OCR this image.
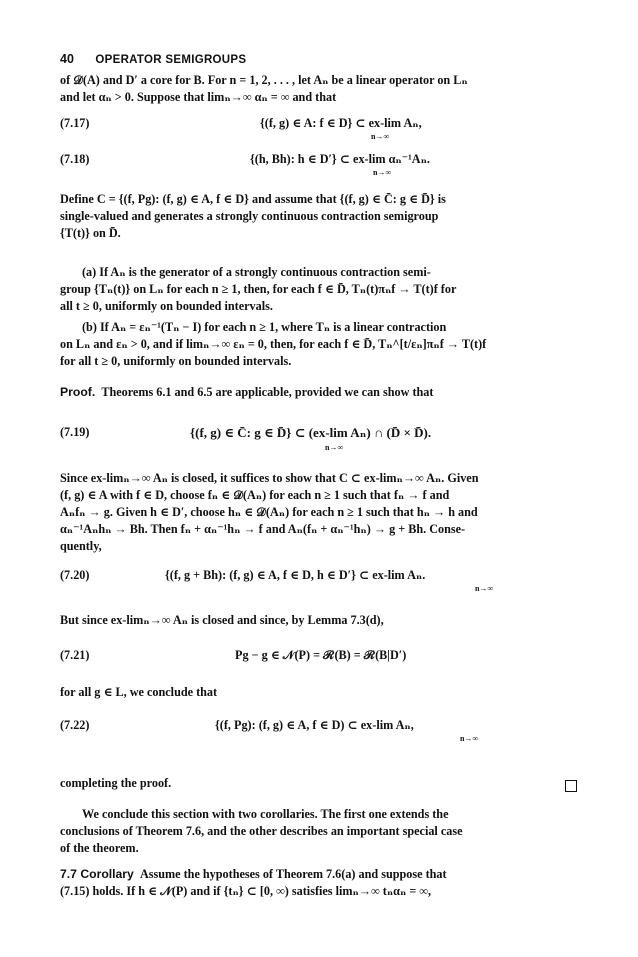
40 OPERATOR SEMIGROUPS

of 𝒟(A) and D′ a core for B. For n = 1, 2, . . . , let Aₙ be a linear operator on Lₙ

and let αₙ > 0. Suppose that limₙ→∞ αₙ = ∞ and that

(7.17)	{(f, g) ∈ A: f ∈ D} ⊂ ex-lim Aₙ,
n→∞
(7.18)	{(h, Bh): h ∈ D′} ⊂ ex-lim αₙ⁻¹Aₙ.
n→∞

Define C = {(f, Pg): (f, g) ∈ A, f ∈ D} and assume that {(f, g) ∈ C̄: g ∈ D̄} is

single-valued and generates a strongly continuous contraction semigroup

{T(t)} on D̄.

(a) If Aₙ is the generator of a strongly continuous contraction semi-

group {Tₙ(t)} on Lₙ for each n ≥ 1, then, for each f ∈ D̄, Tₙ(t)πₙf → T(t)f for

all t ≥ 0, uniformly on bounded intervals.

(b) If Aₙ = εₙ⁻¹(Tₙ − I) for each n ≥ 1, where Tₙ is a linear contraction

on Lₙ and εₙ > 0, and if limₙ→∞ εₙ = 0, then, for each f ∈ D̄, Tₙ^[t/εₙ]πₙf → T(t)f

for all t ≥ 0, uniformly on bounded intervals.

Proof. Theorems 6.1 and 6.5 are applicable, provided we can show that

(7.19)	{(f, g) ∈ C̄: g ∈ D̄} ⊂ (ex-lim Aₙ) ∩ (D̄ × D̄).
n→∞

Since ex-limₙ→∞ Aₙ is closed, it suffices to show that C ⊂ ex-limₙ→∞ Aₙ. Given

(f, g) ∈ A with f ∈ D, choose fₙ ∈ 𝒟(Aₙ) for each n ≥ 1 such that fₙ → f and

Aₙfₙ → g. Given h ∈ D′, choose hₙ ∈ 𝒟(Aₙ) for each n ≥ 1 such that hₙ → h and

αₙ⁻¹Aₙhₙ → Bh. Then fₙ + αₙ⁻¹hₙ → f and Aₙ(fₙ + αₙ⁻¹hₙ) → g + Bh. Conse-

quently,

(7.20)	{(f, g + Bh): (f, g) ∈ A, f ∈ D, h ∈ D′} ⊂ ex-lim Aₙ.
n→∞

But since ex-limₙ→∞ Aₙ is closed and since, by Lemma 7.3(d),

(7.21)	Pg − g ∈ 𝒩(P) = ℛ(B) = ℛ(B|D′)

for all g ∈ L, we conclude that

(7.22)	{(f, Pg): (f, g) ∈ A, f ∈ D) ⊂ ex-lim Aₙ,
n→∞

completing the proof.

We conclude this section with two corollaries. The first one extends the

conclusions of Theorem 7.6, and the other describes an important special case

of the theorem.

7.7 Corollary Assume the hypotheses of Theorem 7.6(a) and suppose that

(7.15) holds. If h ∈ 𝒩(P) and if {tₙ} ⊂ [0, ∞) satisfies limₙ→∞ tₙαₙ = ∞,
